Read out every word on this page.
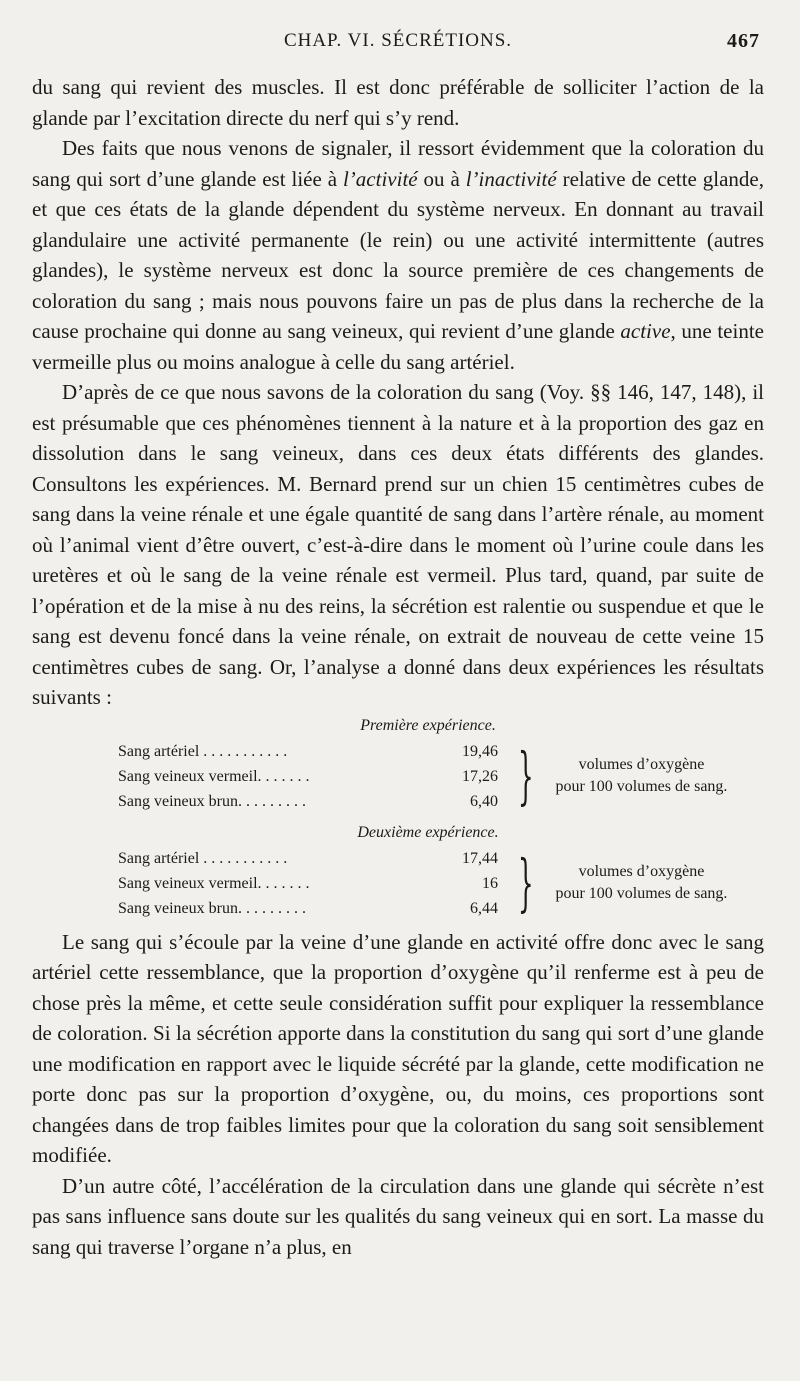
CHAP. VI. SÉCRÉTIONS.	467

du sang qui revient des muscles. Il est donc préférable de solliciter l’action de la glande par l’excitation directe du nerf qui s’y rend.

Des faits que nous venons de signaler, il ressort évidemment que la coloration du sang qui sort d’une glande est liée à l’activité ou à l’inactivité relative de cette glande, et que ces états de la glande dépendent du système nerveux. En donnant au travail glandulaire une activité permanente (le rein) ou une activité intermittente (autres glandes), le système nerveux est donc la source première de ces changements de coloration du sang ; mais nous pouvons faire un pas de plus dans la recherche de la cause prochaine qui donne au sang veineux, qui revient d’une glande active, une teinte vermeille plus ou moins analogue à celle du sang artériel.

D’après de ce que nous savons de la coloration du sang (Voy. §§ 146, 147, 148), il est présumable que ces phénomènes tiennent à la nature et à la proportion des gaz en dissolution dans le sang veineux, dans ces deux états différents des glandes. Consultons les expériences. M. Bernard prend sur un chien 15 centimètres cubes de sang dans la veine rénale et une égale quantité de sang dans l’artère rénale, au moment où l’animal vient d’être ouvert, c’est-à-dire dans le moment où l’urine coule dans les uretères et où le sang de la veine rénale est vermeil. Plus tard, quand, par suite de l’opération et de la mise à nu des reins, la sécrétion est ralentie ou suspendue et que le sang est devenu foncé dans la veine rénale, on extrait de nouveau de cette veine 15 centimètres cubes de sang. Or, l’analyse a donné dans deux expériences les résultats suivants :

Première expérience.
Sang artériel . . . . . . . . . . .	19,46
Sang veineux vermeil. . . . . . .	17,26
Sang veineux brun. . . . . . . . .	6,40 }	volumes d’oxygène
pour 100 volumes de sang.
Deuxième expérience.
Sang artériel . . . . . . . . . . .	17,44
Sang veineux vermeil. . . . . . .	16
Sang veineux brun. . . . . . . . .	6,44 }	volumes d’oxygène
pour 100 volumes de sang.

Le sang qui s’écoule par la veine d’une glande en activité offre donc avec le sang artériel cette ressemblance, que la proportion d’oxygène qu’il renferme est à peu de chose près la même, et cette seule considération suffit pour expliquer la ressemblance de coloration. Si la sécrétion apporte dans la constitution du sang qui sort d’une glande une modification en rapport avec le liquide sécrété par la glande, cette modification ne porte donc pas sur la proportion d’oxygène, ou, du moins, ces proportions sont changées dans de trop faibles limites pour que la coloration du sang soit sensiblement modifiée.

D’un autre côté, l’accélération de la circulation dans une glande qui sécrète n’est pas sans influence sans doute sur les qualités du sang veineux qui en sort. La masse du sang qui traverse l’organe n’a plus, en
